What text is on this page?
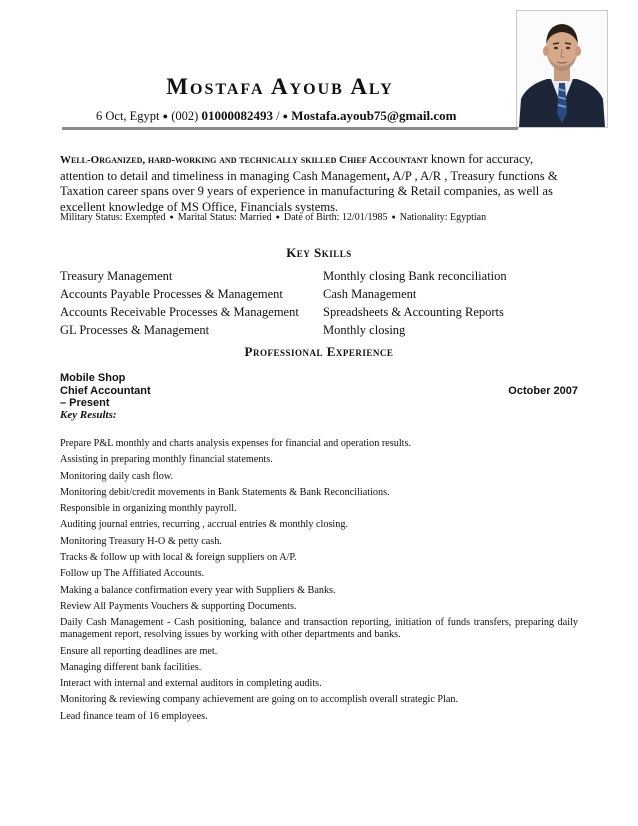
Mostafa Ayoub Aly
6 Oct, Egypt ● (002) 01000082493 / ● Mostafa.ayoub75@gmail.com
Well-Organized, hard-working and technically skilled Chief Accountant known for accuracy, attention to detail and timeliness in managing Cash Management, A/P , A/R , Treasury functions & Taxation career spans over 9 years of experience in manufacturing & Retail companies, as well as excellent knowledge of MS Office, Financials systems.
Military Status: Exempted ● Marital Status: Married ● Date of Birth: 12/01/1985 ● Nationality: Egyptian
Key Skills
Treasury Management
Accounts Payable Processes & Management
Accounts Receivable Processes & Management
GL Processes & Management
Monthly closing Bank reconciliation
Cash Management
Spreadsheets & Accounting Reports
Monthly closing
Professional Experience
Mobile Shop
Chief Accountant	October 2007
– Present
Key Results:
Prepare P&L monthly and charts analysis expenses for financial and operation results.
Assisting in preparing monthly financial statements.
Monitoring daily cash flow.
Monitoring debit/credit movements in Bank Statements & Bank Reconciliations.
Responsible in organizing monthly payroll.
Auditing journal entries, recurring , accrual entries & monthly closing.
Monitoring Treasury H-O & petty cash.
Tracks & follow up with local & foreign suppliers on A/P.
Follow up The Affiliated Accounts.
Making a balance confirmation every year with Suppliers & Banks.
Review All Payments Vouchers & supporting Documents.
Daily Cash Management - Cash positioning, balance and transaction reporting, initiation of funds transfers, preparing daily management report, resolving issues by working with other departments and banks.
Ensure all reporting deadlines are met.
Managing different bank facilities.
Interact with internal and external auditors in completing audits.
Monitoring & reviewing company achievement are going on to accomplish overall strategic Plan.
Lead finance team of 16 employees.
